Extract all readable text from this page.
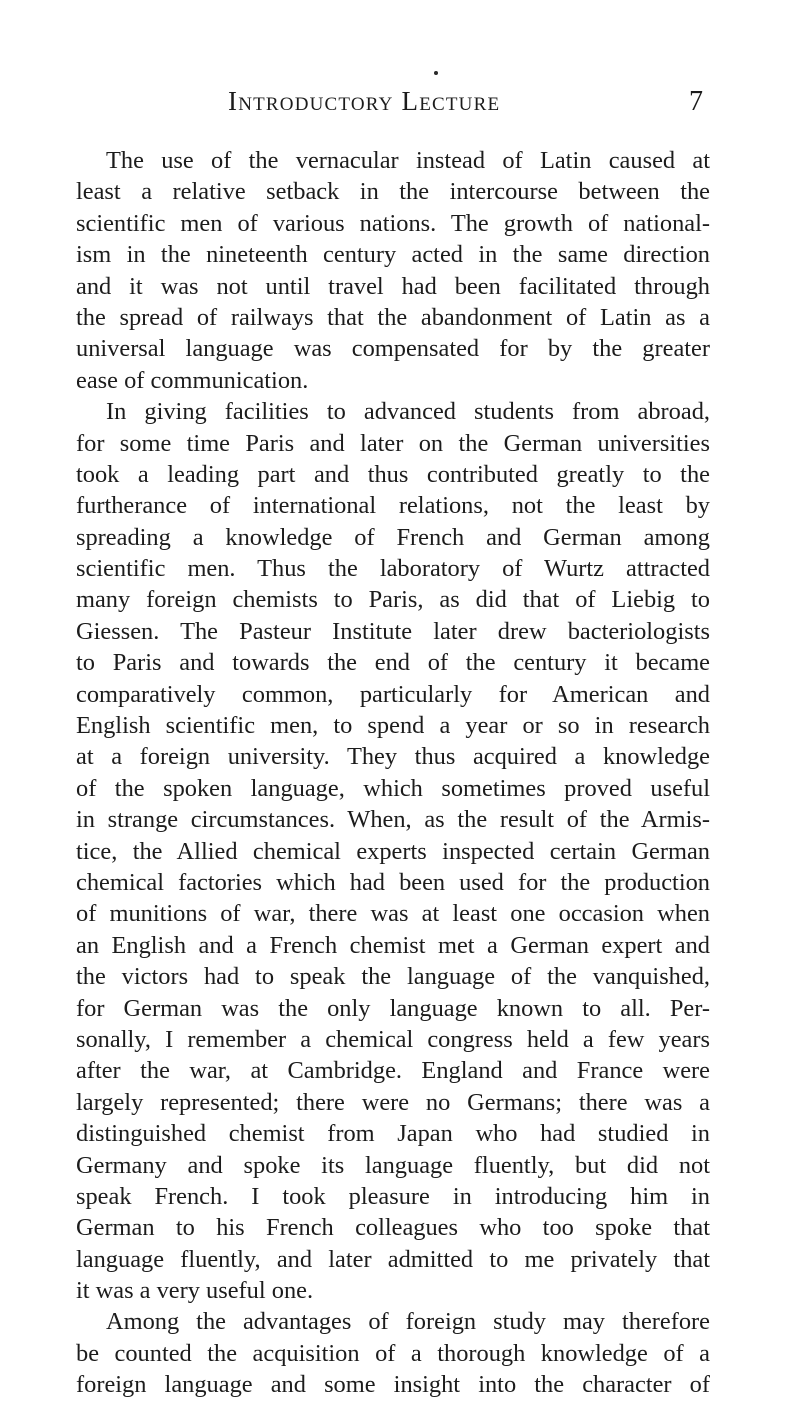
Introductory Lecture	7
The use of the vernacular instead of Latin caused at
least a relative setback in the intercourse between the
scientific men of various nations. The growth of national-
ism in the nineteenth century acted in the same direction
and it was not until travel had been facilitated through
the spread of railways that the abandonment of Latin as a
universal language was compensated for by the greater
ease of communication.
In giving facilities to advanced students from abroad,
for some time Paris and later on the German universities
took a leading part and thus contributed greatly to the
furtherance of international relations, not the least by
spreading a knowledge of French and German among
scientific men. Thus the laboratory of Wurtz attracted
many foreign chemists to Paris, as did that of Liebig to
Giessen. The Pasteur Institute later drew bacteriologists
to Paris and towards the end of the century it became
comparatively common, particularly for American and
English scientific men, to spend a year or so in research
at a foreign university. They thus acquired a knowledge
of the spoken language, which sometimes proved useful
in strange circumstances. When, as the result of the Armis-
tice, the Allied chemical experts inspected certain German
chemical factories which had been used for the production
of munitions of war, there was at least one occasion when
an English and a French chemist met a German expert and
the victors had to speak the language of the vanquished,
for German was the only language known to all. Per-
sonally, I remember a chemical congress held a few years
after the war, at Cambridge. England and France were
largely represented; there were no Germans; there was a
distinguished chemist from Japan who had studied in
Germany and spoke its language fluently, but did not
speak French. I took pleasure in introducing him in
German to his French colleagues who too spoke that
language fluently, and later admitted to me privately that
it was a very useful one.
Among the advantages of foreign study may therefore
be counted the acquisition of a thorough knowledge of a
foreign language and some insight into the character of
